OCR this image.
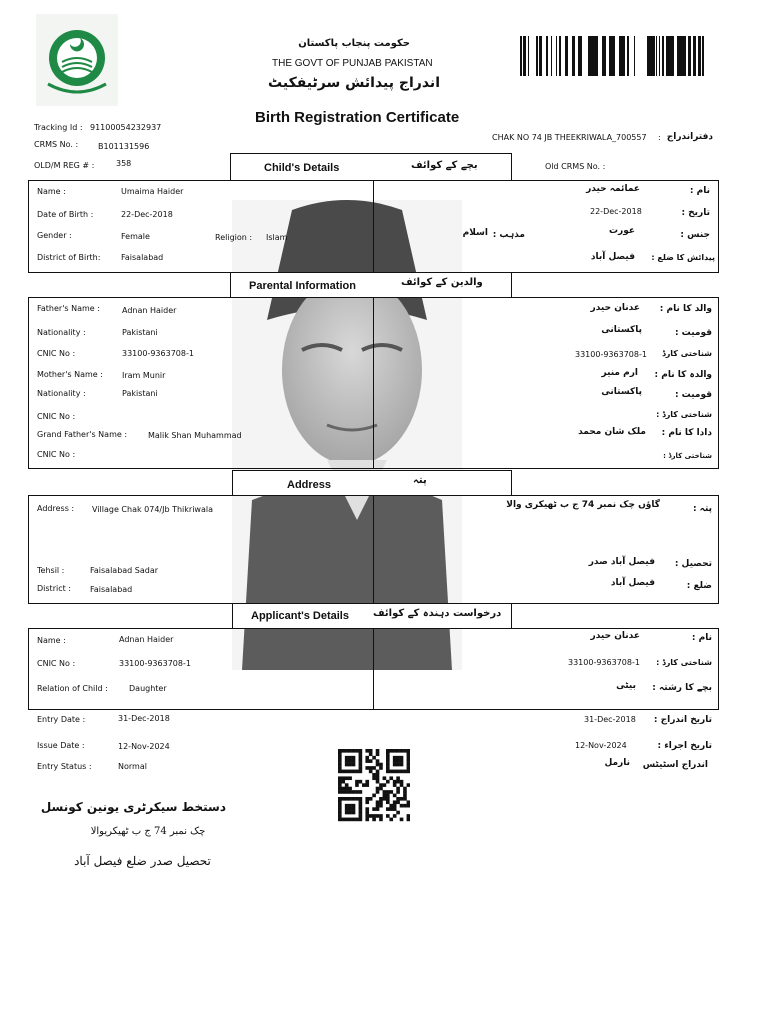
حکومت پنجاب پاکستان
THE GOVT OF PUNJAB PAKISTAN
اندراج پیدائش سرٹیفکیٹ
Birth Registration Certificate
Tracking Id : 91100054232937
CRMS No. : B101131596
OLD/M REG # :	358
CHAK NO 74 JB THEEKRIWALA_700557 : دفتراندراج
Old CRMS No. :
Child's Details	بچے کے کوائف
Name :	Umaima Haider
Date of Birth :	22-Dec-2018
Gender :	Female	Religion : Islam
District of Birth:	Faisalabad
نام :
عمائمہ حیدر
تاریخ :
22-Dec-2018
جنس :
عورت
مذہب :
اسلام
پیدائش کا ضلع :
فیصل آباد
Parental Information	والدین کے کوائف
Father's Name :	Adnan Haider
Nationality :	Pakistani
CNIC No :	33100-9363708-1
Mother's Name : Iram Munir
Nationality :	Pakistani
CNIC No :
Grand Father's Name :	Malik Shan Muhammad
CNIC No :
والد کا نام :
عدنان حیدر
قومیت :
پاکستانی
شناختی کارڈ
33100-9363708-1
والدہ کا نام :
ارم منیر
قومیت :
پاکستانی
شناختی کارڈ :
دادا کا نام :
ملک شان محمد
شناختی کارڈ :
Address	پتہ
Address : Village Chak 074/Jb Thikriwala
Tehsil :	Faisalabad Sadar
District : Faisalabad
پتہ :
گاؤں چک نمبر 74 ج ب ٹھیکری والا
تحصیل :
فیصل آباد صدر
ضلع :
فیصل آباد
Applicant's Details درخواست دہندہ کے کوائف
Name :	Adnan Haider
CNIC No :	33100-9363708-1
Relation of Child :	Daughter
نام :
عدنان حیدر
شناختی کارڈ :
33100-9363708-1
بچے کا رشتہ :
بیٹی
Entry Date :	31-Dec-2018
Issue Date :	12-Nov-2024
Entry Status :	Normal
تاریخ اندراج :
31-Dec-2018
تاریخ اجراء :
12-Nov-2024
اندراج اسٹیٹس
نارمل
دستخط سیکرٹری یونین کونسل
چک نمبر 74 ج ب ٹھیکریوالا
تحصیل صدر ضلع فیصل آباد
